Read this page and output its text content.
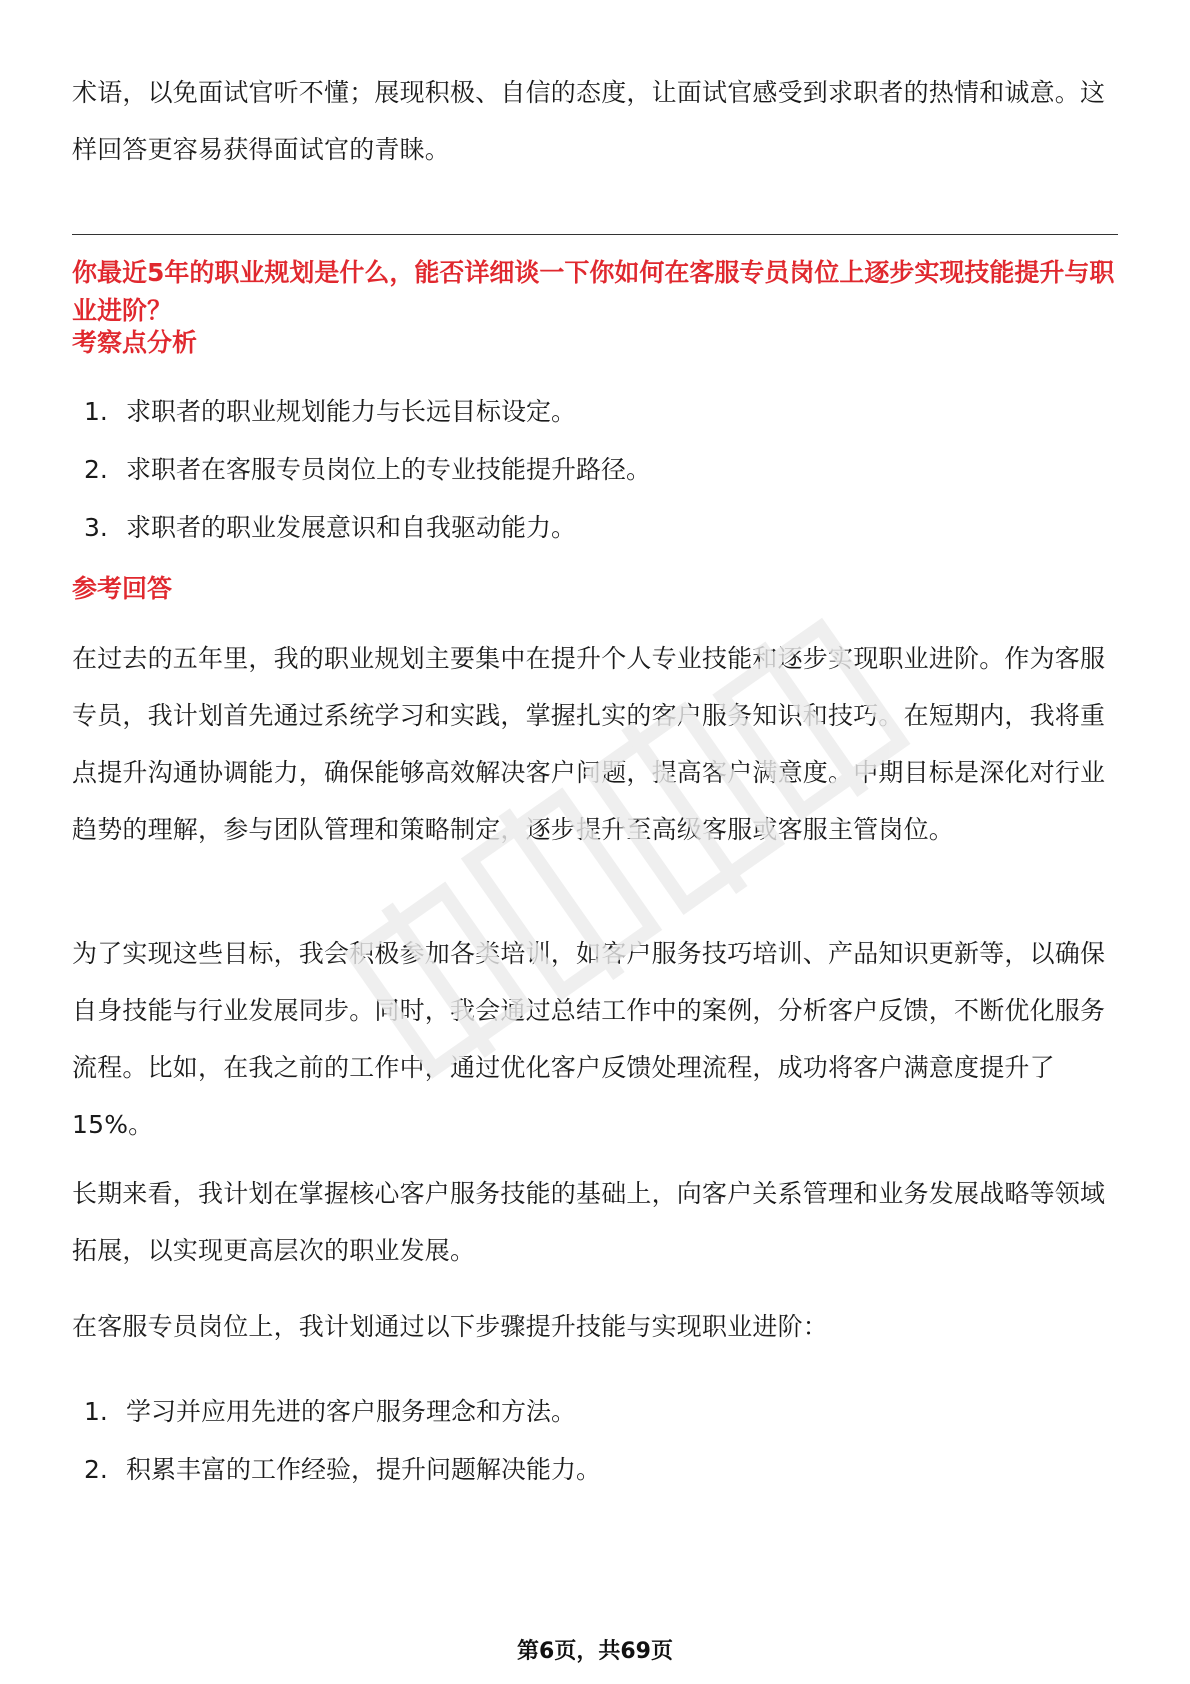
术语，以免面试官听不懂；展现积极、自信的态度，让面试官感受到求职者的热情和诚意。这样回答更容易获得面试官的青睐。

你最近5年的职业规划是什么，能否详细谈一下你如何在客服专员岗位上逐步实现技能提升与职业进阶？

考察点分析

1. 求职者的职业规划能力与长远目标设定。
2. 求职者在客服专员岗位上的专业技能提升路径。
3. 求职者的职业发展意识和自我驱动能力。

参考回答

在过去的五年里，我的职业规划主要集中在提升个人专业技能和逐步实现职业进阶。作为客服专员，我计划首先通过系统学习和实践，掌握扎实的客户服务知识和技巧。在短期内，我将重点提升沟通协调能力，确保能够高效解决客户问题，提高客户满意度。中期目标是深化对行业趋势的理解，参与团队管理和策略制定，逐步提升至高级客服或客服主管岗位。

为了实现这些目标，我会积极参加各类培训，如客户服务技巧培训、产品知识更新等，以确保自身技能与行业发展同步。同时，我会通过总结工作中的案例，分析客户反馈，不断优化服务流程。比如，在我之前的工作中，通过优化客户反馈处理流程，成功将客户满意度提升了15%。

长期来看，我计划在掌握核心客户服务技能的基础上，向客户关系管理和业务发展战略等领域拓展，以实现更高层次的职业发展。

在客服专员岗位上，我计划通过以下步骤提升技能与实现职业进阶：

1. 学习并应用先进的客户服务理念和方法。
2. 积累丰富的工作经验，提升问题解决能力。
第6页，共69页
